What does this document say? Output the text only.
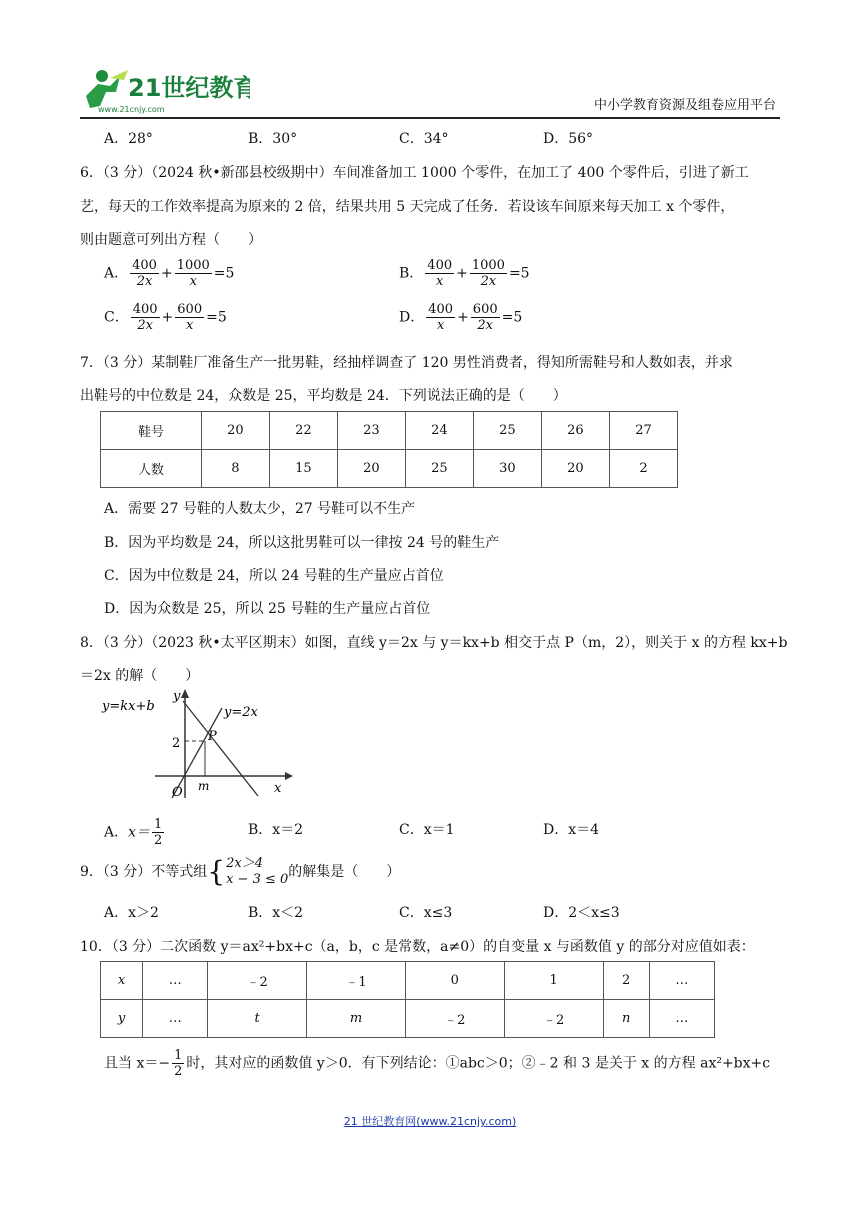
21世纪教育
www.21cnjy.com	中小学教育资源及组卷应用平台
A．28°	B．30°	C．34°	D．56°
6．（3 分）（2024 秋•新邵县校级期中）车间准备加工 1000 个零件，在加工了 400 个零件后，引进了新工
艺，每天的工作效率提高为原来的 2 倍，结果共用 5 天完成了任务．若设该车间原来每天加工 x 个零件，
则由题意可列出方程（　　）
A． $\frac{400}{2x} + \frac{1000}{x} =5$	B． $\frac{400}{x} + \frac{1000}{2x} =5$
C． $\frac{400}{2x} + \frac{600}{x} =5$	D． $\frac{400}{x} + \frac{600}{2x} =5$
7．（3 分）某制鞋厂准备生产一批男鞋，经抽样调查了 120 男性消费者，得知所需鞋号和人数如表，并求
出鞋号的中位数是 24，众数是 25，平均数是 24．下列说法正确的是（　　）
鞋号	20	22	23	24	25	26	27
人数	8	15	20	25	30	20	2
A．需要 27 号鞋的人数太少，27 号鞋可以不生产
B．因为平均数是 24，所以这批男鞋可以一律按 24 号的鞋生产
C．因为中位数是 24，所以 24 号鞋的生产量应占首位
D．因为众数是 25，所以 25 号鞋的生产量应占首位
8．（3 分）（2023 秋•太平区期末）如图，直线 y＝2x 与 y＝kx+b 相交于点 P（m，2），则关于 x 的方程 kx+b
＝2x 的解（　　）
y=kx+b	y=2x
y
x
O m
2 P
A．$x= \frac{1}{2}$	B．x＝2	C．x＝1	D．x＝4
9．（3 分）不等式组{ 2x＞4
x − 3 ≤ 0 的解集是（　　）
A．x＞2	B．x＜2	C．x≤3	D．2＜x≤3
10．（3 分）二次函数 y＝ax²+bx+c（a，b，c 是常数，a≠0）的自变量 x 与函数值 y 的部分对应值如表：
x	…	﹣2	﹣1	0	1	2	…
y	…	t	m	﹣2	﹣2	n	…
且当 $x=- \frac{1}{2}$ 时，其对应的函数值 y＞0．有下列结论：①abc＞0；②﹣2 和 3 是关于 x 的方程 ax²+bx+c
21 世纪教育网(www.21cnjy.com)
